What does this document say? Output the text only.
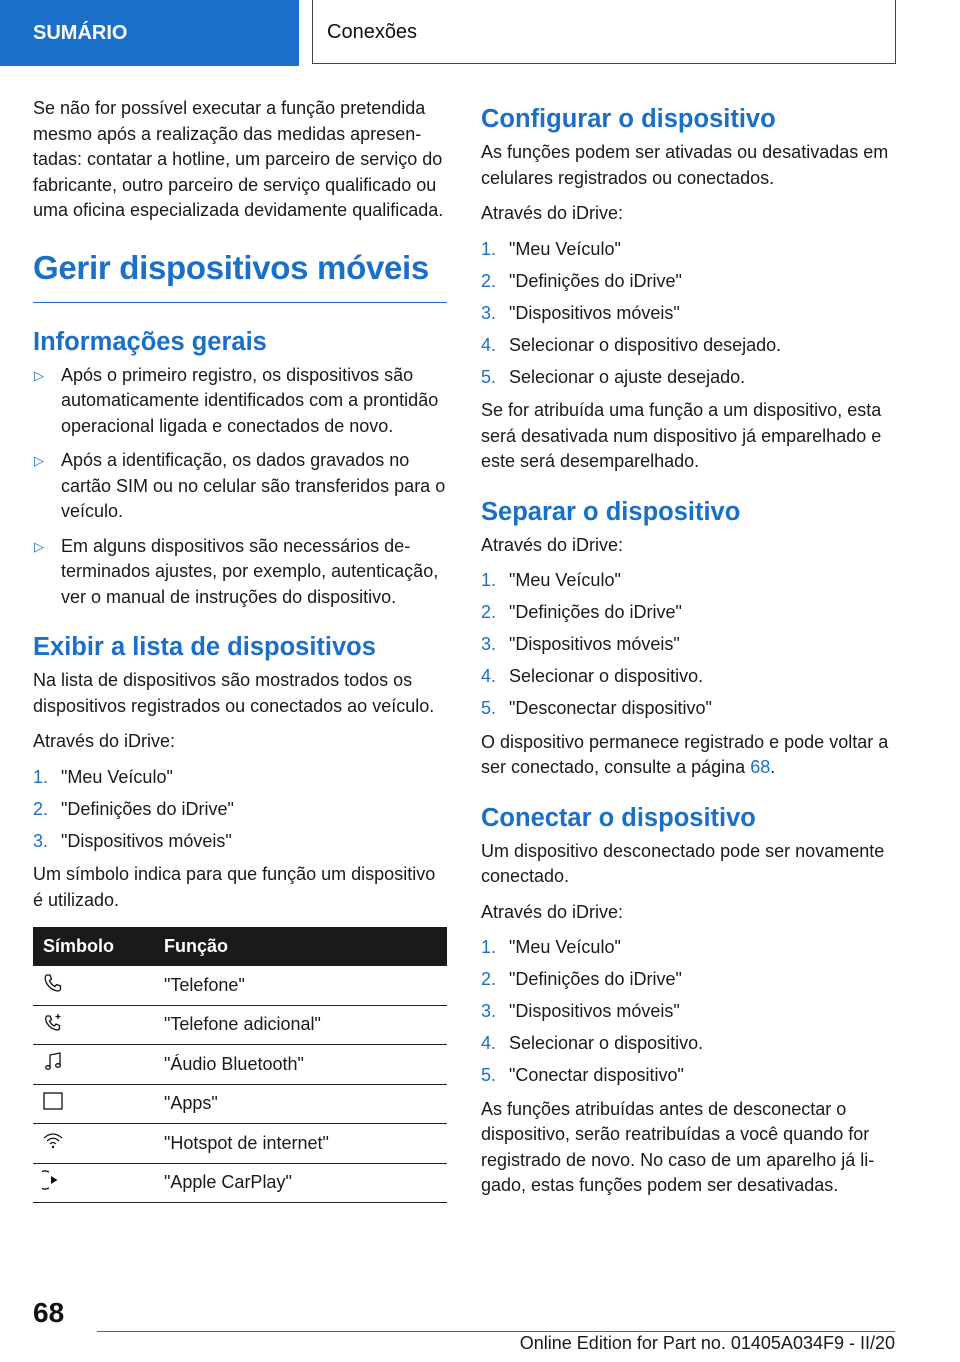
SUMÁRIO	Conexões

Se não for possível executar a função pretendida mesmo após a realização das medidas apresentadas: contatar a hotline, um parceiro de serviço do fabricante, outro parceiro de serviço qualificado ou uma oficina especializada devidamente qualificada.

Gerir dispositivos móveis
Informações gerais
▷ Após o primeiro registro, os dispositivos são automaticamente identificados com a prontidão operacional ligada e conectados de novo.
▷ Após a identificação, os dados gravados no cartão SIM ou no celular são transferidos para o veículo.
▷ Em alguns dispositivos são necessários determinados ajustes, por exemplo, autenticação, ver o manual de instruções do dispositivo.
Exibir a lista de dispositivos

Na lista de dispositivos são mostrados todos os dispositivos registrados ou conectados ao veículo.

Através do iDrive:

1. "Meu Veículo"
2. "Definições do iDrive"
3. "Dispositivos móveis"

Um símbolo indica para que função um dispositivo é utilizado.

Símbolo	Função
	"Telefone"
	"Telefone adicional"
	"Áudio Bluetooth"
	"Apps"
	"Hotspot de internet"
	"Apple CarPlay"
Configurar o dispositivo

As funções podem ser ativadas ou desativadas em celulares registrados ou conectados.

Através do iDrive:

1. "Meu Veículo"
2. "Definições do iDrive"
3. "Dispositivos móveis"
4. Selecionar o dispositivo desejado.
5. Selecionar o ajuste desejado.

Se for atribuída uma função a um dispositivo, esta será desativada num dispositivo já emparelhado e este será desemparelhado.

Separar o dispositivo

Através do iDrive:

1. "Meu Veículo"
2. "Definições do iDrive"
3. "Dispositivos móveis"
4. Selecionar o dispositivo.
5. "Desconectar dispositivo"

O dispositivo permanece registrado e pode voltar a ser conectado, consulte a página 68.

Conectar o dispositivo

Um dispositivo desconectado pode ser novamente conectado.

Através do iDrive:

1. "Meu Veículo"
2. "Definições do iDrive"
3. "Dispositivos móveis"
4. Selecionar o dispositivo.
5. "Conectar dispositivo"

As funções atribuídas antes de desconectar o dispositivo, serão reatribuídas a você quando for registrado de novo. No caso de um aparelho já ligado, estas funções podem ser desativadas.

68
Online Edition for Part no. 01405A034F9 - II/20
